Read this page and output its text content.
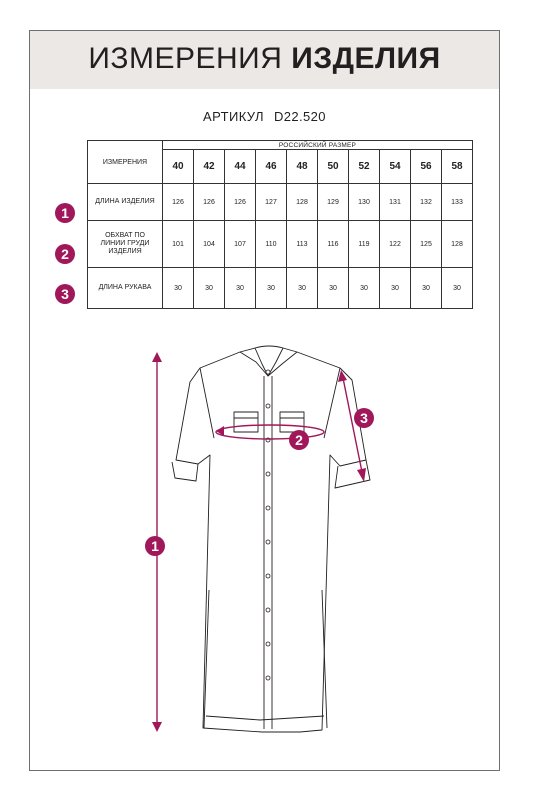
ИЗМЕРЕНИЯ ИЗДЕЛИЯ
АРТИКУЛ D22.520
ИЗМЕРЕНИЯ	РОССИЙСКИЙ РАЗМЕР									
	40	42	44	46	48	50	52	54	56	58
ДЛИНА ИЗДЕЛИЯ	126	126	126	127	128	129	130	131	132	133

ОБХВАТ ПО
ЛИНИИ ГРУДИ
ИЗДЕЛИЯ	101	104	107	110	113	116	119	122	125	128
ДЛИНА РУКАВА	30	30	30	30	30	30	30	30	30	30
1
2
3
1
2
3
